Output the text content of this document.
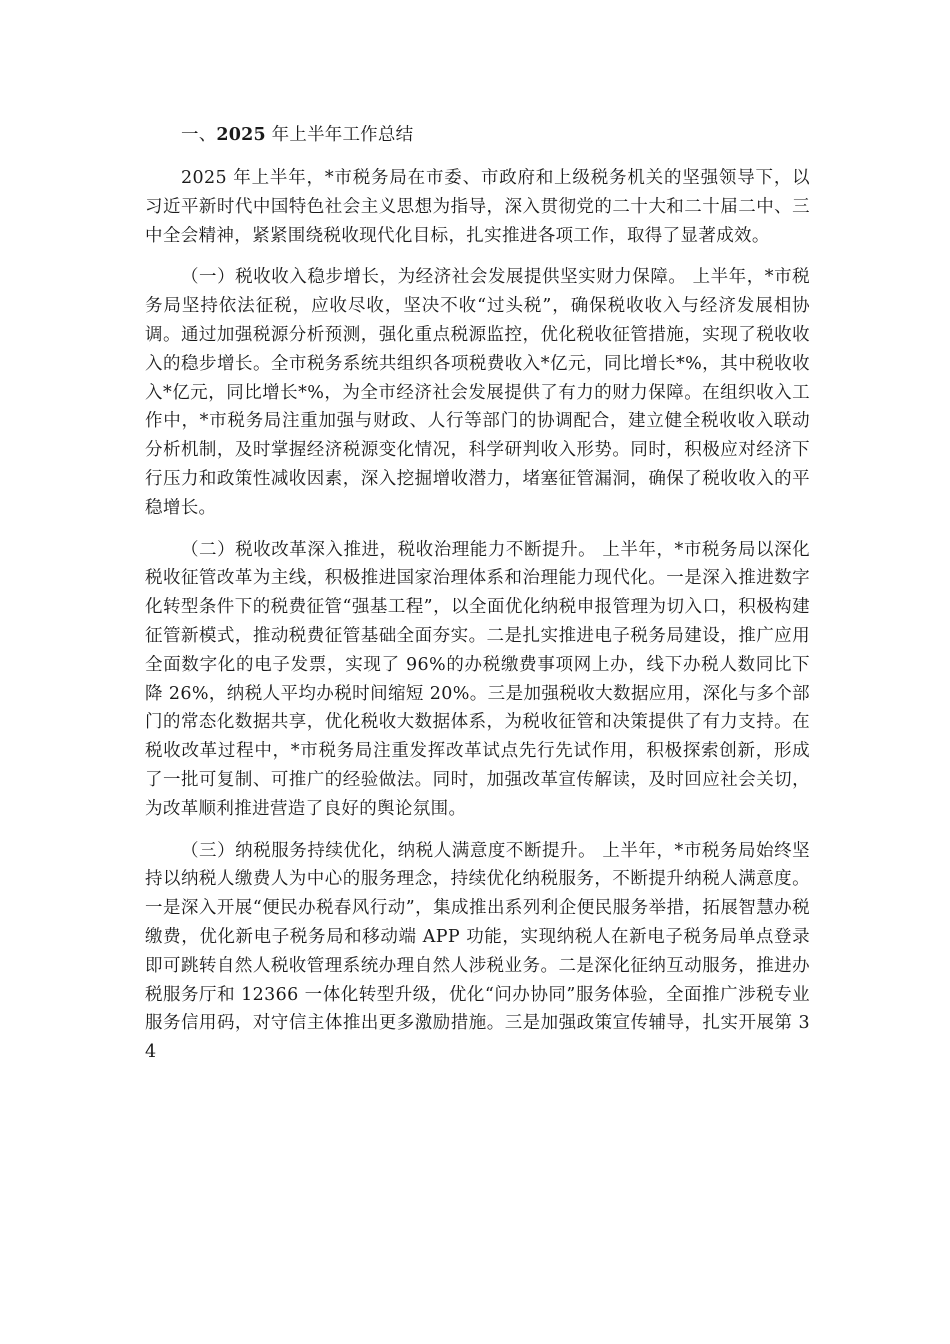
一、2025 年上半年工作总结

2025 年上半年，*市税务局在市委、市政府和上级税务机关的坚强领导下，以习近平新时代中国特色社会主义思想为指导，深入贯彻党的二十大和二十届二中、三中全会精神，紧紧围绕税收现代化目标，扎实推进各项工作，取得了显著成效。

（一）税收收入稳步增长，为经济社会发展提供坚实财力保障。 上半年，*市税务局坚持依法征税，应收尽收，坚决不收“过头税”，确保税收收入与经济发展相协调。通过加强税源分析预测，强化重点税源监控，优化税收征管措施，实现了税收收入的稳步增长。全市税务系统共组织各项税费收入*亿元，同比增长*%，其中税收收入*亿元，同比增长*%，为全市经济社会发展提供了有力的财力保障。在组织收入工作中，*市税务局注重加强与财政、人行等部门的协调配合，建立健全税收收入联动分析机制，及时掌握经济税源变化情况，科学研判收入形势。同时，积极应对经济下行压力和政策性减收因素，深入挖掘增收潜力，堵塞征管漏洞，确保了税收收入的平稳增长。

（二）税收改革深入推进，税收治理能力不断提升。 上半年，*市税务局以深化税收征管改革为主线，积极推进国家治理体系和治理能力现代化。一是深入推进数字化转型条件下的税费征管“强基工程”，以全面优化纳税申报管理为切入口，积极构建征管新模式，推动税费征管基础全面夯实。二是扎实推进电子税务局建设，推广应用全面数字化的电子发票，实现了 96%的办税缴费事项网上办，线下办税人数同比下降 26%，纳税人平均办税时间缩短 20%。三是加强税收大数据应用，深化与多个部门的常态化数据共享，优化税收大数据体系，为税收征管和决策提供了有力支持。在税收改革过程中，*市税务局注重发挥改革试点先行先试作用，积极探索创新，形成了一批可复制、可推广的经验做法。同时，加强改革宣传解读，及时回应社会关切，为改革顺利推进营造了良好的舆论氛围。

（三）纳税服务持续优化，纳税人满意度不断提升。 上半年，*市税务局始终坚持以纳税人缴费人为中心的服务理念，持续优化纳税服务，不断提升纳税人满意度。一是深入开展“便民办税春风行动”，集成推出系列利企便民服务举措，拓展智慧办税缴费，优化新电子税务局和移动端 APP 功能，实现纳税人在新电子税务局单点登录即可跳转自然人税收管理系统办理自然人涉税业务。二是深化征纳互动服务，推进办税服务厅和 12366 一体化转型升级，优化“问办协同”服务体验，全面推广涉税专业服务信用码，对守信主体推出更多激励措施。三是加强政策宣传辅导，扎实开展第 34
